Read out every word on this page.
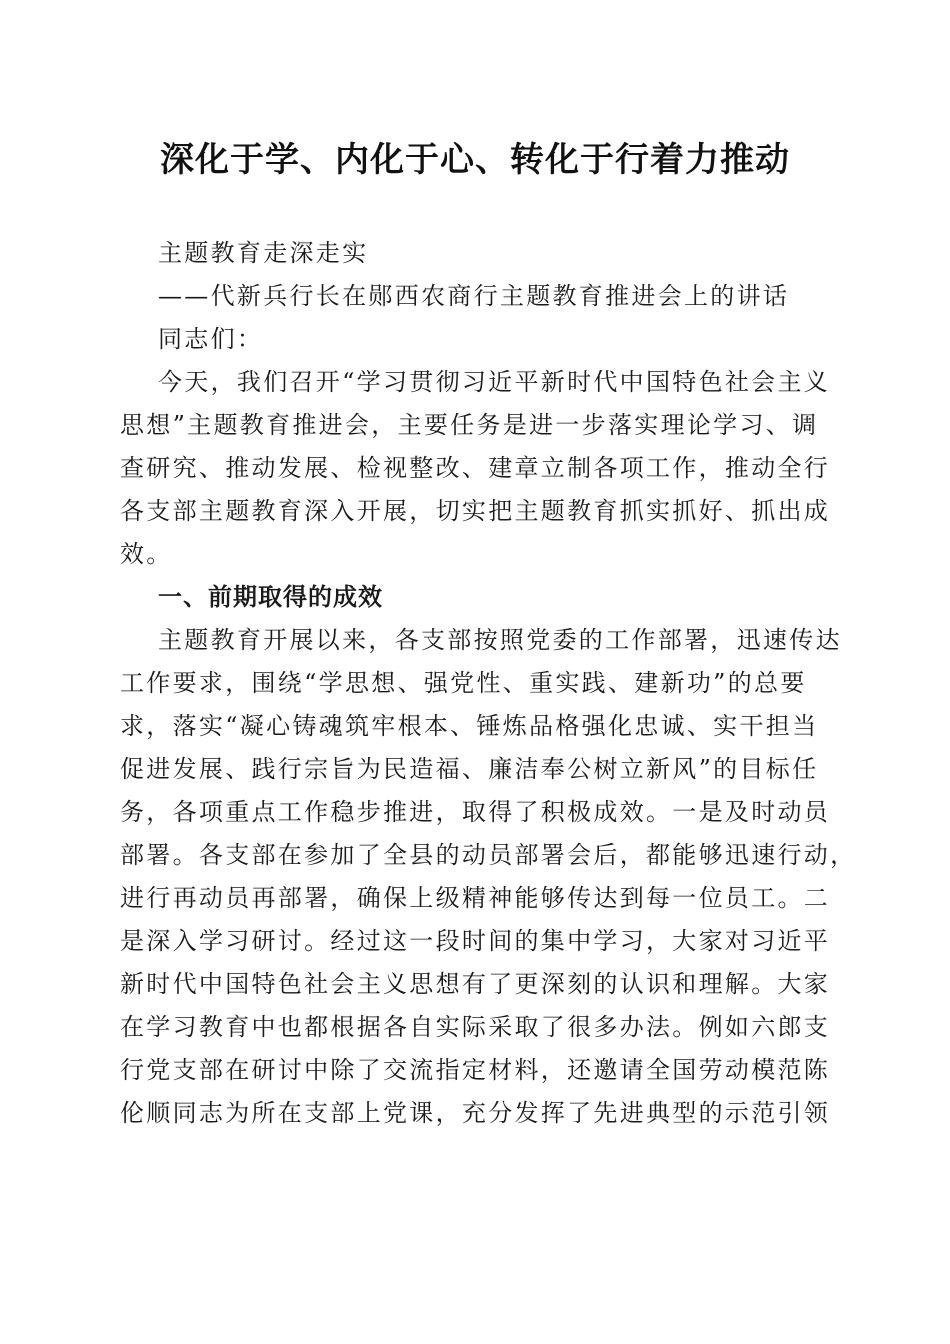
深化于学、内化于心、转化于行着力推动
主题教育走深走实
——代新兵行长在郧西农商行主题教育推进会上的讲话
同志们：
今天，我们召开“学习贯彻习近平新时代中国特色社会主义
思想”主题教育推进会，主要任务是进一步落实理论学习、调
查研究、推动发展、检视整改、建章立制各项工作，推动全行
各支部主题教育深入开展，切实把主题教育抓实抓好、抓出成
效。
一、前期取得的成效
主题教育开展以来，各支部按照党委的工作部署，迅速传达
工作要求，围绕“学思想、强党性、重实践、建新功”的总要
求，落实“凝心铸魂筑牢根本、锤炼品格强化忠诚、实干担当
促进发展、践行宗旨为民造福、廉洁奉公树立新风”的目标任
务，各项重点工作稳步推进，取得了积极成效。一是及时动员
部署。各支部在参加了全县的动员部署会后，都能够迅速行动，
进行再动员再部署，确保上级精神能够传达到每一位员工。二
是深入学习研讨。经过这一段时间的集中学习，大家对习近平
新时代中国特色社会主义思想有了更深刻的认识和理解。大家
在学习教育中也都根据各自实际采取了很多办法。例如六郎支
行党支部在研讨中除了交流指定材料，还邀请全国劳动模范陈
伦顺同志为所在支部上党课，充分发挥了先进典型的示范引领
